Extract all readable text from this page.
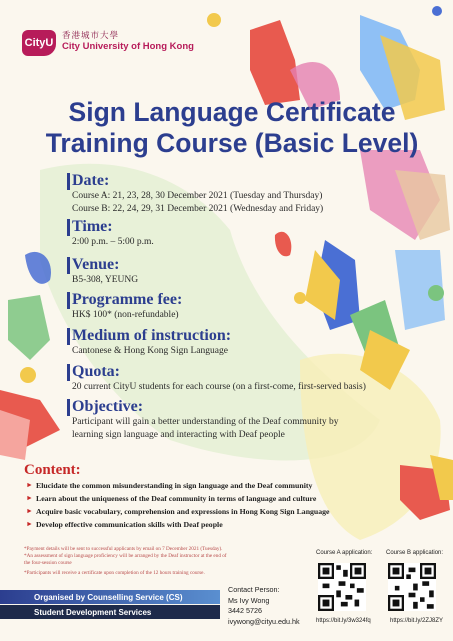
CityU
香港城市大學
City University of Hong Kong
Sign Language Certificate Training Course (Basic Level)
Date:
Course A: 21, 23, 28, 30 December 2021 (Tuesday and Thursday)
Course B: 22, 24, 29, 31 December 2021 (Wednesday and Friday)
Time:
2:00 p.m. – 5:00 p.m.
Venue:
B5-308, YEUNG
Programme fee:
HK$ 100* (non-refundable)
Medium of instruction:
Cantonese & Hong Kong Sign Language
Quota:
20 current CityU students for each course (on a first-come, first-served basis)
Objective:
Participant will gain a better understanding of the Deaf community by
learning sign language and interacting with Deaf people
Content:
► Elucidate the common misunderstanding in sign language and the Deaf community
► Learn about the uniqueness of the Deaf community in terms of language and culture
► Acquire basic vocabulary, comprehension and expressions in Hong Kong Sign Language
► Develop effective communication skills with Deaf people
*Payment details will be sent to successful applicants by email on 7 December 2021 (Tuesday).
*An assessment of sign language proficiency will be arranged by the Deaf instructor at the end of
the four-session course
*Participants will receive a certificate upon completion of the 12 hours training course.
Organised by Counselling Service (CS)
Student Development Services
Contact Person:
Ms Ivy Wong
3442 5726
ivywong@cityu.edu.hk
Course A application:
https://bit.ly/3w324fq
Course B application:
https://bit.ly/2ZJ8ZY
